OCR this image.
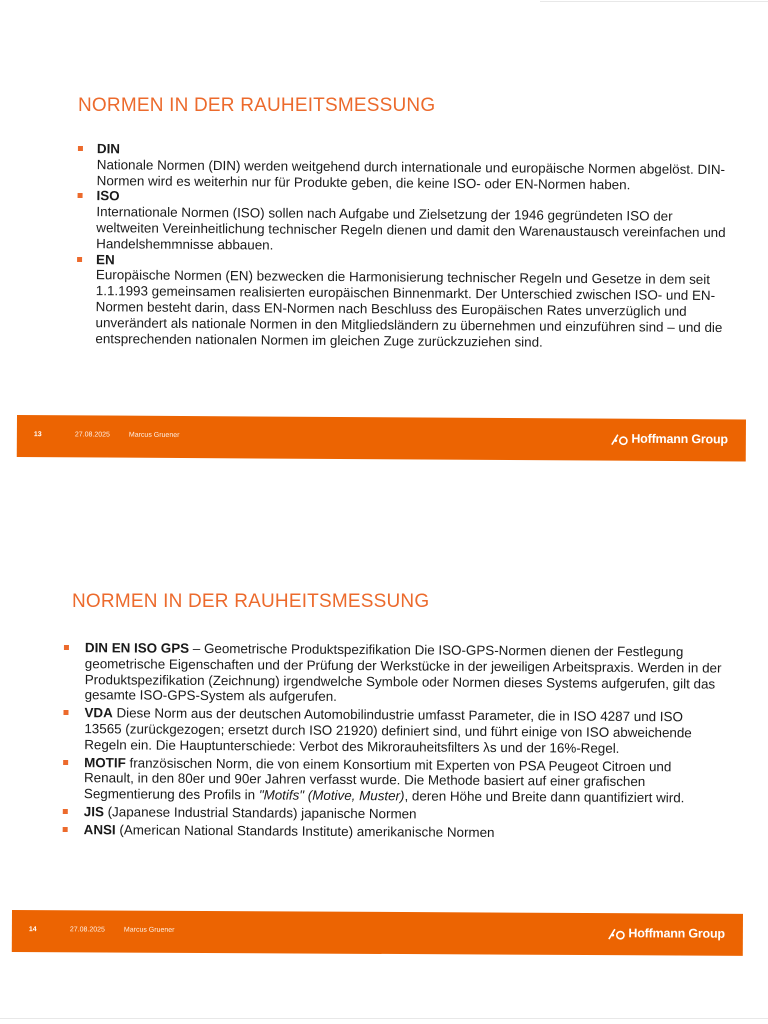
NORMEN IN DER RAUHEITSMESSUNG
DIN
Nationale Normen (DIN) werden weitgehend durch internationale und europäische Normen abgelöst. DIN-Normen wird es weiterhin nur für Produkte geben, die keine ISO- oder EN-Normen haben.
ISO
Internationale Normen (ISO) sollen nach Aufgabe und Zielsetzung der 1946 gegründeten ISO der weltweiten Vereinheitlichung technischer Regeln dienen und damit den Warenaustausch vereinfachen und Handelshemmnisse abbauen.
EN
Europäische Normen (EN) bezwecken die Harmonisierung technischer Regeln und Gesetze in dem seit 1.1.1993 gemeinsamen realisierten europäischen Binnenmarkt. Der Unterschied zwischen ISO- und EN-Normen besteht darin, dass EN-Normen nach Beschluss des Europäischen Rates unverzüglich und unverändert als nationale Normen in den Mitgliedsländern zu übernehmen und einzuführen sind – und die entsprechenden nationalen Normen im gleichen Zuge zurückzuziehen sind.
13	27.08.2025	Marcus Gruener	Hoffmann Group
NORMEN IN DER RAUHEITSMESSUNG
DIN EN ISO GPS – Geometrische Produktspezifikation Die ISO-GPS-Normen dienen der Festlegung geometrische Eigenschaften und der Prüfung der Werkstücke in der jeweiligen Arbeitspraxis. Werden in der Produktspezifikation (Zeichnung) irgendwelche Symbole oder Normen dieses Systems aufgerufen, gilt das gesamte ISO-GPS-System als aufgerufen.
VDA Diese Norm aus der deutschen Automobilindustrie umfasst Parameter, die in ISO 4287 und ISO 13565 (zurückgezogen; ersetzt durch ISO 21920) definiert sind, und führt einige von ISO abweichende Regeln ein. Die Hauptunterschiede: Verbot des Mikrorauheitsfilters λs und der 16%-Regel.
MOTIF französischen Norm, die von einem Konsortium mit Experten von PSA Peugeot Citroen und Renault, in den 80er und 90er Jahren verfasst wurde. Die Methode basiert auf einer grafischen Segmentierung des Profils in "Motifs" (Motive, Muster), deren Höhe und Breite dann quantifiziert wird.
JIS (Japanese Industrial Standards) japanische Normen
ANSI (American National Standards Institute) amerikanische Normen
14	27.08.2025	Marcus Gruener	Hoffmann Group
